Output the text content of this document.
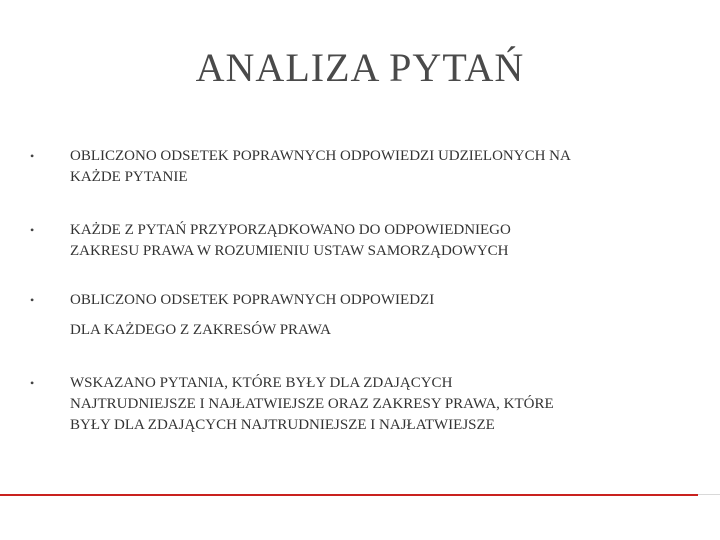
ANALIZA PYTAŃ
• OBLICZONO ODSETEK POPRAWNYCH ODPOWIEDZI UDZIELONYCH NA
KAŻDE PYTANIE
• KAŻDE Z PYTAŃ PRZYPORZĄDKOWANO DO ODPOWIEDNIEGO
ZAKRESU PRAWA W ROZUMIENIU USTAW SAMORZĄDOWYCH
• OBLICZONO ODSETEK POPRAWNYCH ODPOWIEDZI
DLA KAŻDEGO Z ZAKRESÓW PRAWA
• WSKAZANO PYTANIA, KTÓRE BYŁY DLA ZDAJĄCYCH
NAJTRUDNIEJSZE I NAJŁATWIEJSZE ORAZ ZAKRESY PRAWA, KTÓRE
BYŁY DLA ZDAJĄCYCH NAJTRUDNIEJSZE I NAJŁATWIEJSZE
